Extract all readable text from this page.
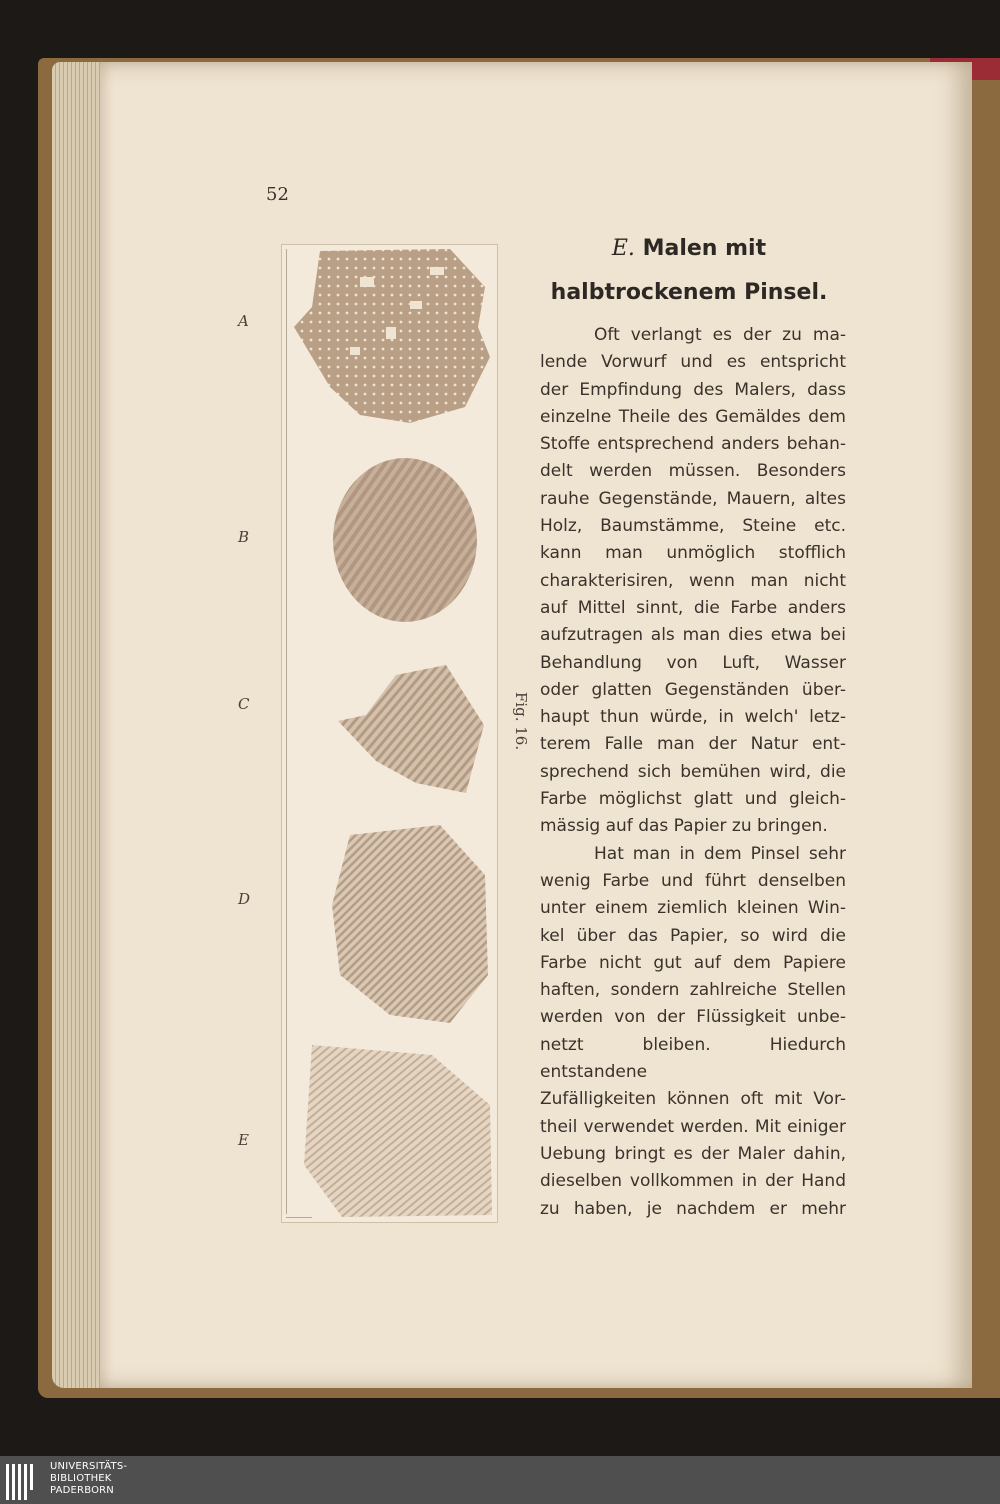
52
A
B
C
D
E
Fig. 16.
E. Malen mit
halbtrockenem Pinsel.

Oft verlangt es der zu ma-

lende Vorwurf und es entspricht

der Empfindung des Malers, dass

einzelne Theile des Gemäldes dem

Stoffe entsprechend anders behan-

delt werden müssen. Besonders

rauhe Gegenstände, Mauern, altes

Holz, Baumstämme, Steine etc.

kann man unmöglich stofflich

charakterisiren, wenn man nicht

auf Mittel sinnt, die Farbe anders

aufzutragen als man dies etwa bei

Behandlung von Luft, Wasser

oder glatten Gegenständen über-

haupt thun würde, in welch' letz-

terem Falle man der Natur ent-

sprechend sich bemühen wird, die

Farbe möglichst glatt und gleich-

mässig auf das Papier zu bringen.

Hat man in dem Pinsel sehr

wenig Farbe und führt denselben

unter einem ziemlich kleinen Win-

kel über das Papier, so wird die

Farbe nicht gut auf dem Papiere

haften, sondern zahlreiche Stellen

werden von der Flüssigkeit unbe-

netzt bleiben. Hiedurch entstandene

Zufälligkeiten können oft mit Vor-

theil verwendet werden. Mit einiger

Uebung bringt es der Maler dahin,

dieselben vollkommen in der Hand

zu haben, je nachdem er mehr

UNIVERSITÄTS-
BIBLIOTHEK
PADERBORN
